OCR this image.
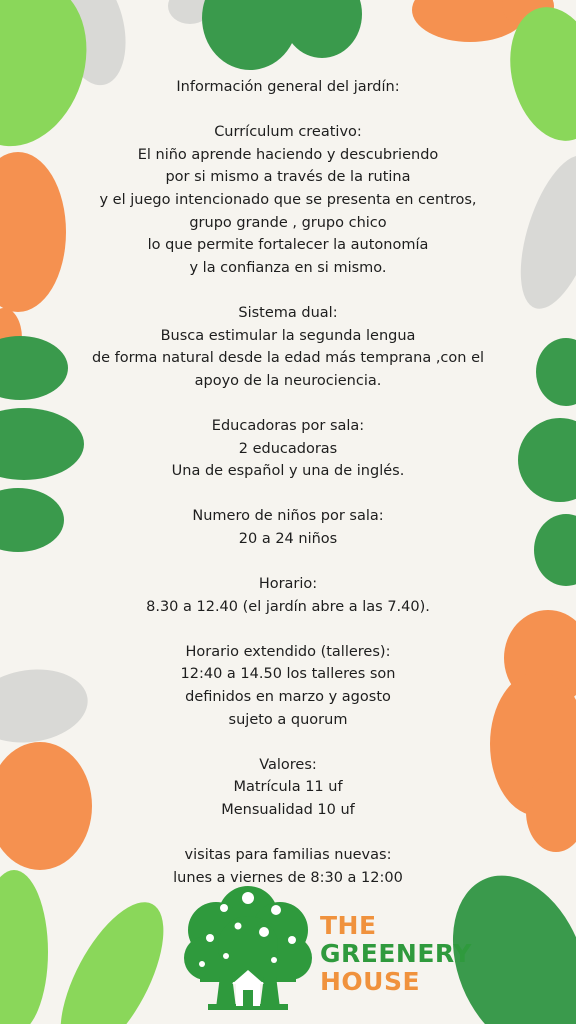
Información general del jardín:
Currículum creativo:
El niño aprende haciendo y descubriendo
por si mismo a través de la rutina
y el juego intencionado que se presenta en centros,
grupo grande , grupo chico
lo que permite fortalecer la autonomía
y la confianza en si mismo.
Sistema dual:
Busca estimular la segunda lengua
de forma natural desde la edad más temprana ,con el
apoyo de la neurociencia.
Educadoras por sala:
2 educadoras
Una de español y una de inglés.
Numero de niños por sala:
20 a 24 niños
Horario:
8.30 a 12.40 (el jardín abre a las 7.40).
Horario extendido (talleres):
12:40 a 14.50 los talleres son
definidos en marzo y agosto
sujeto a quorum
Valores:
Matrícula 11 uf
Mensualidad 10 uf
visitas para familias nuevas:
lunes a viernes de 8:30 a 12:00
THE
GREENERY
HOUSE
